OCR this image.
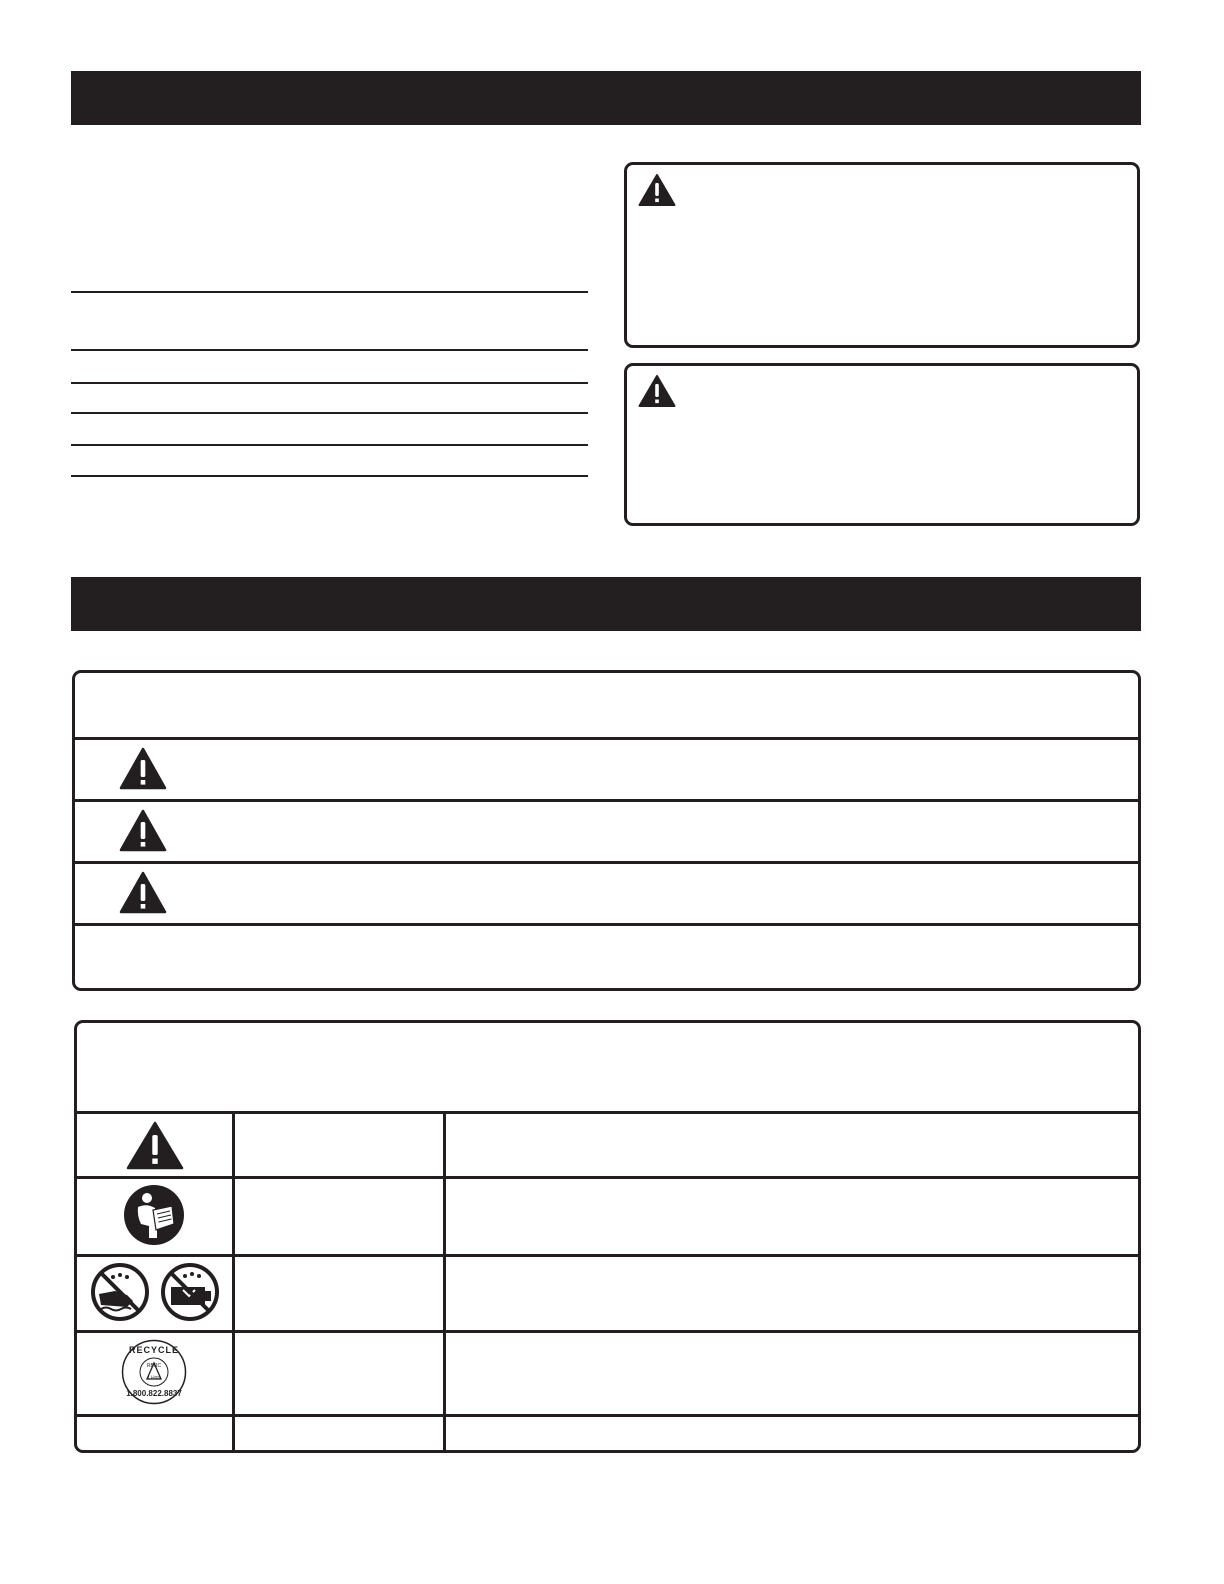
RECYCLE
RBRC
Li-ion
1.800.822.8837
